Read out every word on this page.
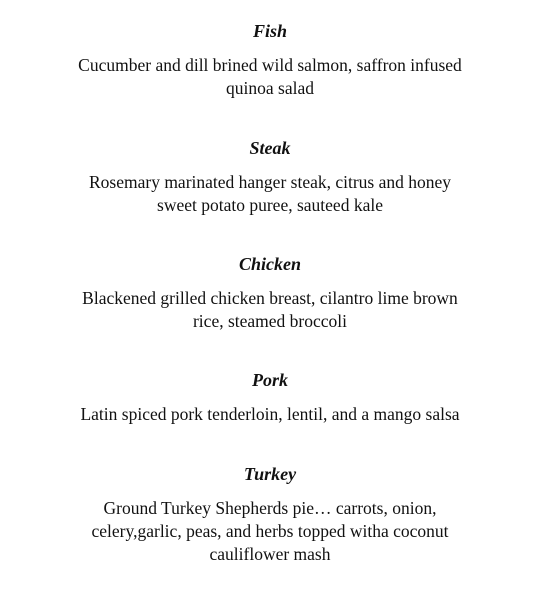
Fish

Cucumber and dill brined wild salmon, saffron infused
quinoa salad

Steak

Rosemary marinated hanger steak, citrus and honey
sweet potato puree, sauteed kale

Chicken

Blackened grilled chicken breast, cilantro lime brown
rice, steamed broccoli

Pork

Latin spiced pork tenderloin, lentil, and a mango salsa

Turkey

Ground Turkey Shepherds pie… carrots, onion,
celery,garlic, peas, and herbs topped witha coconut
cauliflower mash
